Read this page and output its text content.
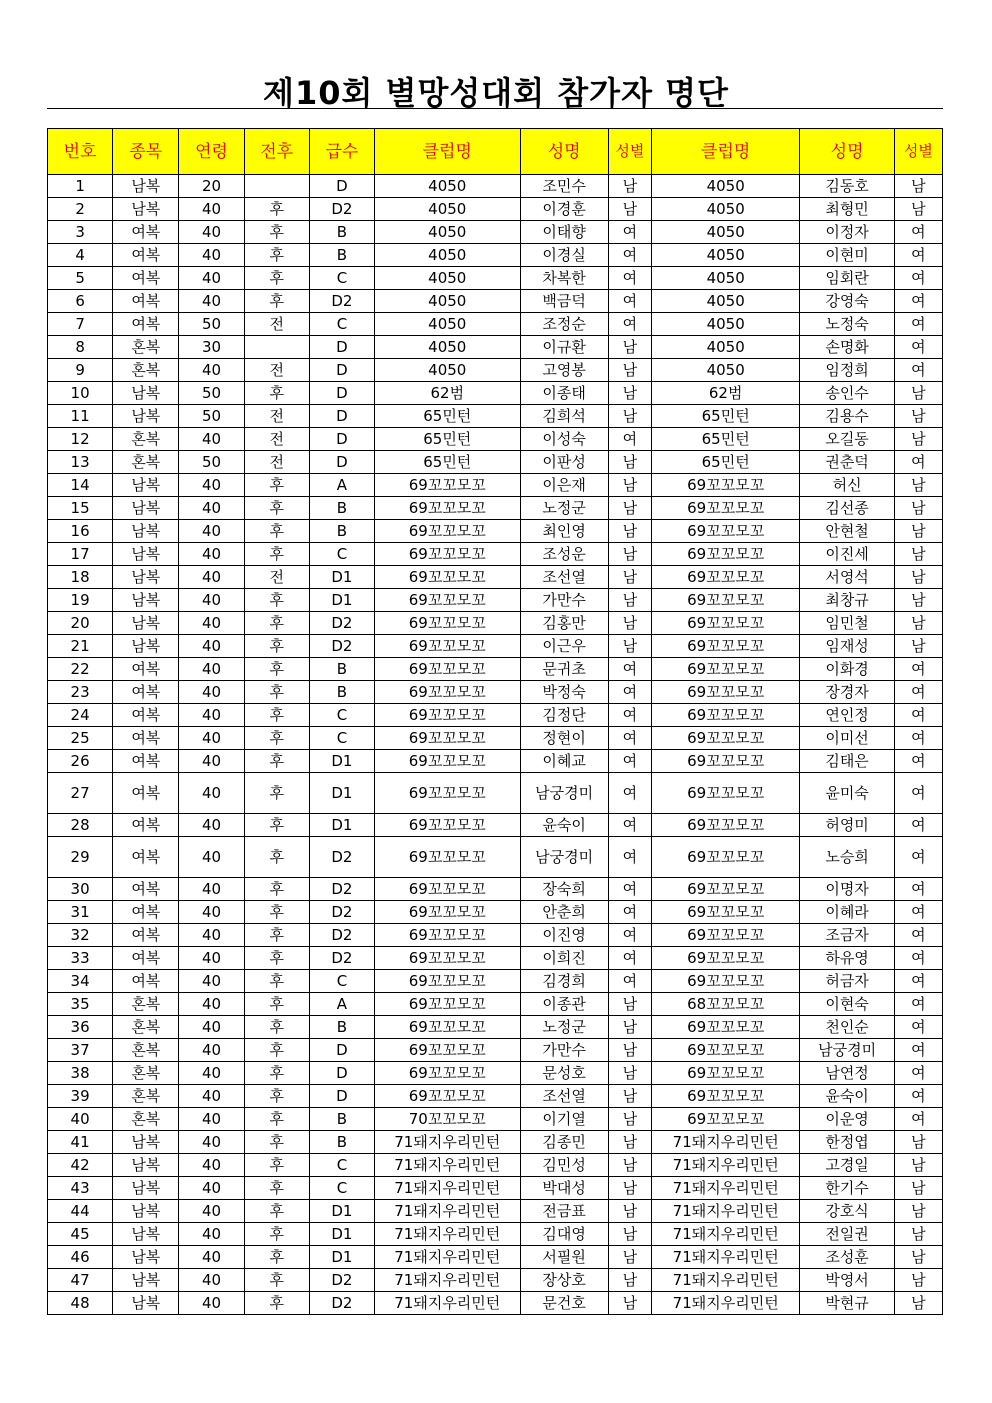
제10회 별망성대회 참가자 명단
번호	종목	연령	전후	급수	클럽명	성명	성별	클럽명	성명	성별
1	남복	20		D	4050	조민수	남	4050	김동호	남
2	남복	40	후	D2	4050	이경훈	남	4050	최형민	남
3	여복	40	후	B	4050	이태향	여	4050	이정자	여
4	여복	40	후	B	4050	이경실	여	4050	이현미	여
5	여복	40	후	C	4050	차복한	여	4050	임회란	여
6	여복	40	후	D2	4050	백금덕	여	4050	강영숙	여
7	여복	50	전	C	4050	조정순	여	4050	노정숙	여
8	혼복	30		D	4050	이규환	남	4050	손명화	여
9	혼복	40	전	D	4050	고영봉	남	4050	임정희	여
10	남복	50	후	D	62범	이종태	남	62범	송인수	남
11	남복	50	전	D	65민턴	김희석	남	65민턴	김용수	남
12	혼복	40	전	D	65민턴	이성숙	여	65민턴	오길동	남
13	혼복	50	전	D	65민턴	이판성	남	65민턴	권춘덕	여
14	남복	40	후	A	69꼬꼬모꼬	이은재	남	69꼬꼬모꼬	허신	남
15	남복	40	후	B	69꼬꼬모꼬	노정군	남	69꼬꼬모꼬	김선종	남
16	남복	40	후	B	69꼬꼬모꼬	최인영	남	69꼬꼬모꼬	안현철	남
17	남복	40	후	C	69꼬꼬모꼬	조성운	남	69꼬꼬모꼬	이진세	남
18	남복	40	전	D1	69꼬꼬모꼬	조선열	남	69꼬꼬모꼬	서영석	남
19	남복	40	후	D1	69꼬꼬모꼬	가만수	남	69꼬꼬모꼬	최창규	남
20	남복	40	후	D2	69꼬꼬모꼬	김홍만	남	69꼬꼬모꼬	임민철	남
21	남복	40	후	D2	69꼬꼬모꼬	이근우	남	69꼬꼬모꼬	임재성	남
22	여복	40	후	B	69꼬꼬모꼬	문귀초	여	69꼬꼬모꼬	이화경	여
23	여복	40	후	B	69꼬꼬모꼬	박정숙	여	69꼬꼬모꼬	장경자	여
24	여복	40	후	C	69꼬꼬모꼬	김정단	여	69꼬꼬모꼬	연인정	여
25	여복	40	후	C	69꼬꼬모꼬	정현이	여	69꼬꼬모꼬	이미선	여
26	여복	40	후	D1	69꼬꼬모꼬	이혜교	여	69꼬꼬모꼬	김태은	여
27	여복	40	후	D1	69꼬꼬모꼬	남궁경미	여	69꼬꼬모꼬	윤미숙	여
28	여복	40	후	D1	69꼬꼬모꼬	윤숙이	여	69꼬꼬모꼬	허영미	여
29	여복	40	후	D2	69꼬꼬모꼬	남궁경미	여	69꼬꼬모꼬	노승희	여
30	여복	40	후	D2	69꼬꼬모꼬	장숙희	여	69꼬꼬모꼬	이명자	여
31	여복	40	후	D2	69꼬꼬모꼬	안춘희	여	69꼬꼬모꼬	이혜라	여
32	여복	40	후	D2	69꼬꼬모꼬	이진영	여	69꼬꼬모꼬	조금자	여
33	여복	40	후	D2	69꼬꼬모꼬	이희진	여	69꼬꼬모꼬	하유영	여
34	여복	40	후	C	69꼬꼬모꼬	김경희	여	69꼬꼬모꼬	허금자	여
35	혼복	40	후	A	69꼬꼬모꼬	이종관	남	68꼬꼬모꼬	이현숙	여
36	혼복	40	후	B	69꼬꼬모꼬	노정군	남	69꼬꼬모꼬	천인순	여
37	혼복	40	후	D	69꼬꼬모꼬	가만수	남	69꼬꼬모꼬	남궁경미	여
38	혼복	40	후	D	69꼬꼬모꼬	문성호	남	69꼬꼬모꼬	남연정	여
39	혼복	40	후	D	69꼬꼬모꼬	조선열	남	69꼬꼬모꼬	윤숙이	여
40	혼복	40	후	B	70꼬꼬모꼬	이기열	남	69꼬꼬모꼬	이운영	여
41	남복	40	후	B	71돼지우리민턴	김종민	남	71돼지우리민턴	한정엽	남
42	남복	40	후	C	71돼지우리민턴	김민성	남	71돼지우리민턴	고경일	남
43	남복	40	후	C	71돼지우리민턴	박대성	남	71돼지우리민턴	한기수	남
44	남복	40	후	D1	71돼지우리민턴	전금표	남	71돼지우리민턴	강호식	남
45	남복	40	후	D1	71돼지우리민턴	김대영	남	71돼지우리민턴	전일권	남
46	남복	40	후	D1	71돼지우리민턴	서필원	남	71돼지우리민턴	조성훈	남
47	남복	40	후	D2	71돼지우리민턴	장상호	남	71돼지우리민턴	박영서	남
48	남복	40	후	D2	71돼지우리민턴	문건호	남	71돼지우리민턴	박현규	남
